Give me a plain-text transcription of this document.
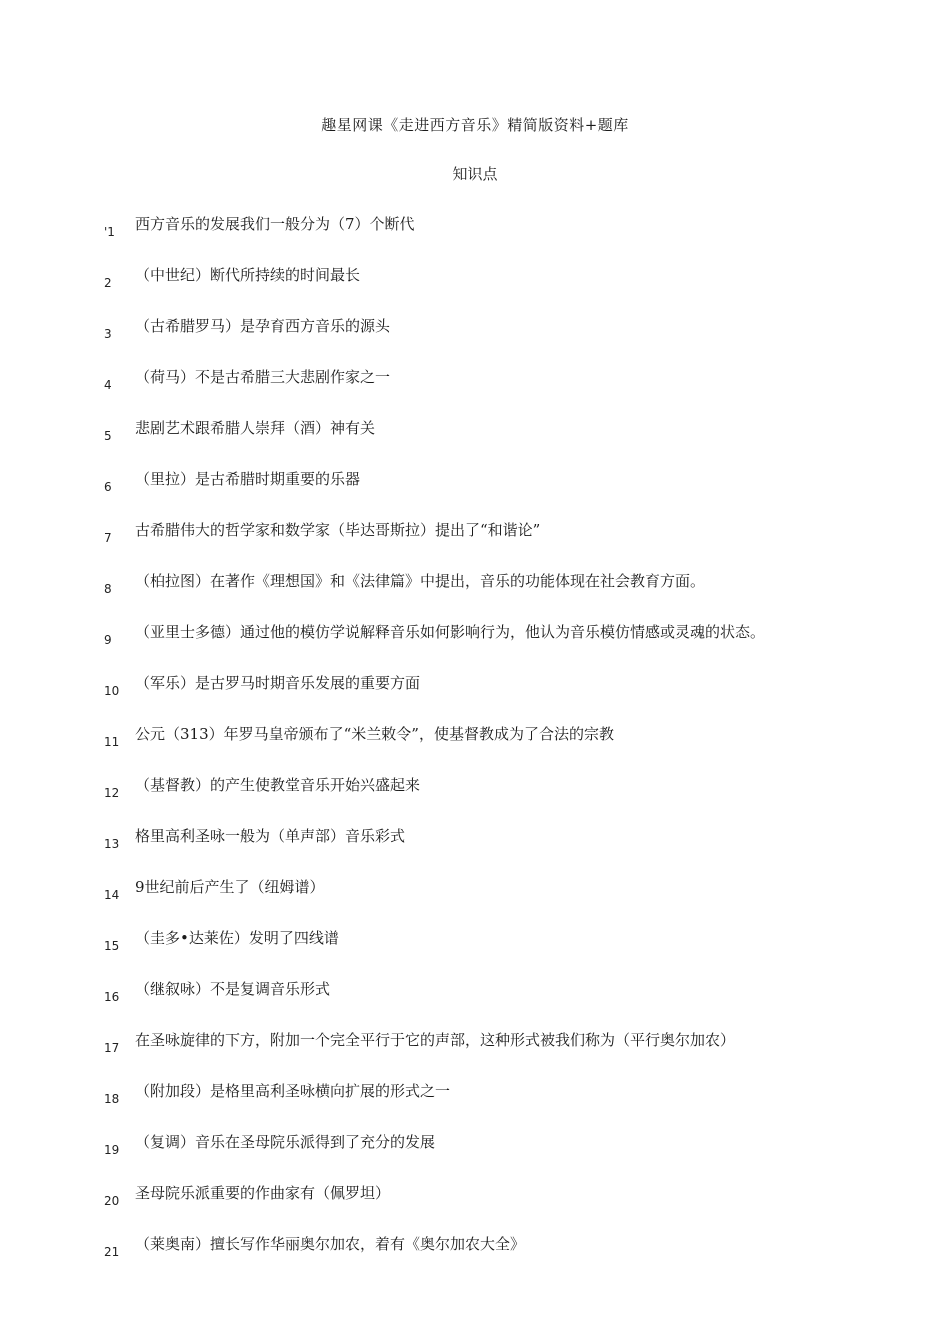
趣星网课《走进西方音乐》精简版资料+题库
知识点
'1 西方音乐的发展我们一般分为（7）个断代
2 （中世纪）断代所持续的时间最长
3 （古希腊罗马）是孕育西方音乐的源头
4 （荷马）不是古希腊三大悲剧作家之一
5 悲剧艺术跟希腊人崇拜（酒）神有关
6 （里拉）是古希腊时期重要的乐器
7 古希腊伟大的哲学家和数学家（毕达哥斯拉）提出了“和谐论”
8 （柏拉图）在著作《理想国》和《法律篇》中提出，音乐的功能体现在社会教育方面。
9 （亚里士多德）通过他的模仿学说解释音乐如何影响行为，他认为音乐模仿情感或灵魂的状态。
10 （军乐）是古罗马时期音乐发展的重要方面
11 公元（313）年罗马皇帝颁布了“米兰敕令”，使基督教成为了合法的宗教
12 （基督教）的产生使教堂音乐开始兴盛起来
13 格里高利圣咏一般为（单声部）音乐彩式
14 9世纪前后产生了（纽姆谱）
15 （圭多•达莱佐）发明了四线谱
16 （继叙咏）不是复调音乐形式
17 在圣咏旋律的下方，附加一个完全平行于它的声部，这种形式被我们称为（平行奥尔加农）
18 （附加段）是格里高利圣咏横向扩展的形式之一
19 （复调）音乐在圣母院乐派得到了充分的发展
20 圣母院乐派重要的作曲家有（佩罗坦）
21 （莱奥南）擅长写作华丽奥尔加农，着有《奥尔加农大全》
